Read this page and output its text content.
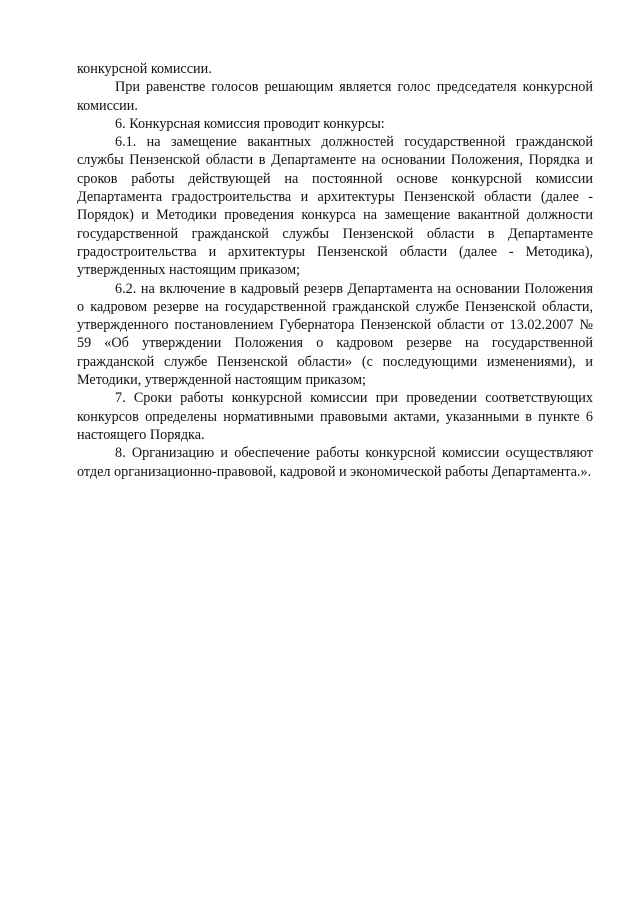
конкурсной комиссии.

При равенстве голосов решающим является голос председателя конкурсной комиссии.

6. Конкурсная комиссия проводит конкурсы:

6.1. на замещение вакантных должностей государственной гражданской службы Пензенской области в Департаменте на основании Положения, Порядка и сроков работы действующей на постоянной основе конкурсной комиссии Департамента градостроительства и архитектуры Пензенской области (далее - Порядок) и Методики проведения конкурса на замещение вакантной должности государственной гражданской службы Пензенской области в Департаменте градостроительства и архитектуры Пензенской области (далее - Методика), утвержденных настоящим приказом;

6.2. на включение в кадровый резерв Департамента на основании Положения о кадровом резерве на государственной гражданской службе Пензенской области, утвержденного постановлением Губернатора Пензенской области от 13.02.2007 № 59 «Об утверждении Положения о кадровом резерве на государственной гражданской службе Пензенской области» (с последующими изменениями), и Методики, утвержденной настоящим приказом;

7. Сроки работы конкурсной комиссии при проведении соответствующих конкурсов определены нормативными правовыми актами, указанными в пункте 6 настоящего Порядка.

8. Организацию и обеспечение работы конкурсной комиссии осуществляют отдел организационно-правовой, кадровой и экономической работы Департамента.».
